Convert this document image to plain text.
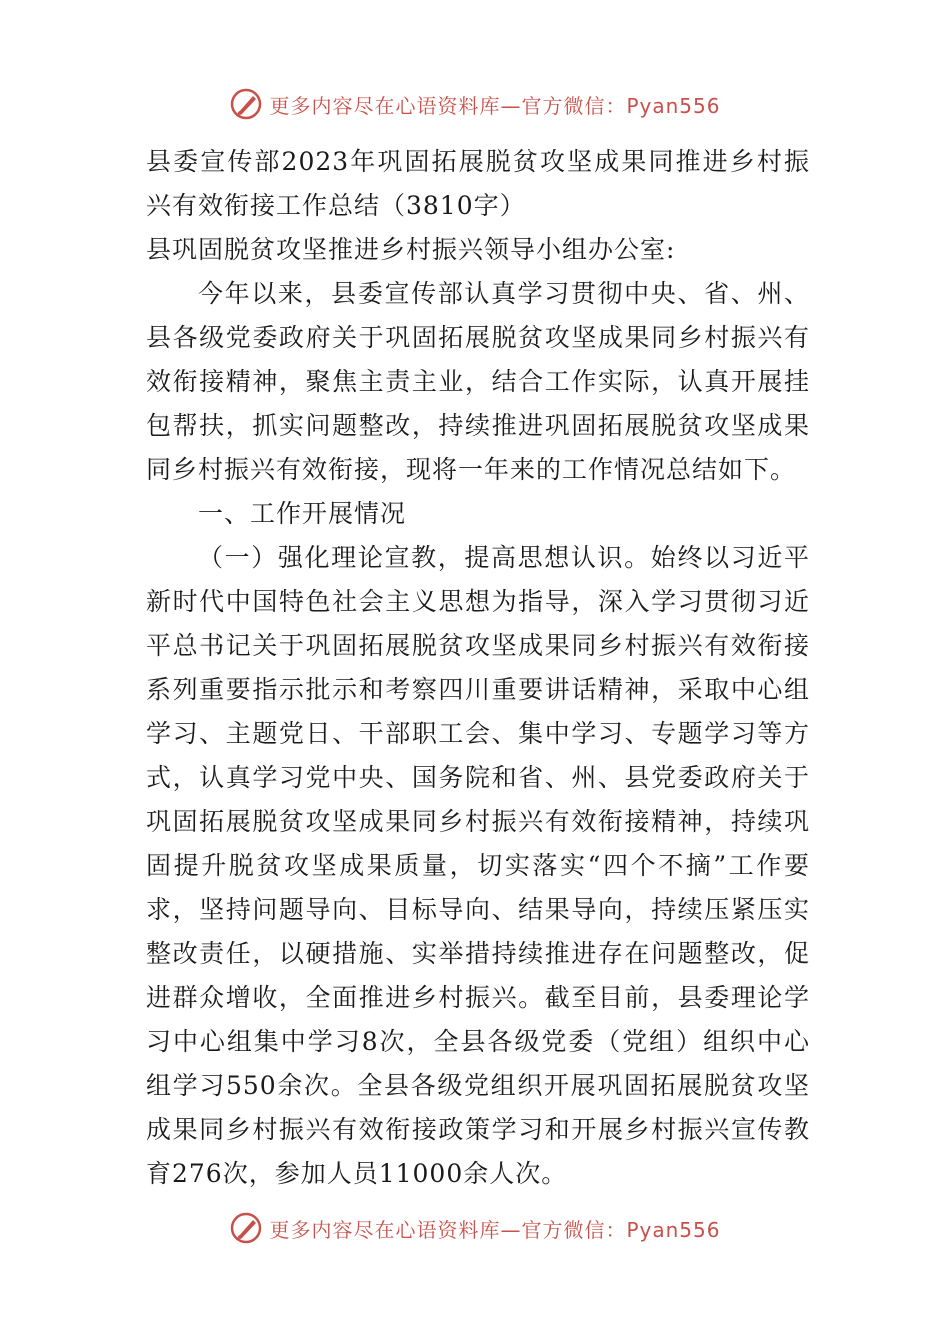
更多内容尽在心语资料库—官方微信：Pyan556

县委宣传部2023年巩固拓展脱贫攻坚成果同推进乡村振兴有效衔接工作总结（3810字）

县巩固脱贫攻坚推进乡村振兴领导小组办公室:

今年以来，县委宣传部认真学习贯彻中央、省、州、县各级党委政府关于巩固拓展脱贫攻坚成果同乡村振兴有效衔接精神，聚焦主责主业，结合工作实际，认真开展挂包帮扶，抓实问题整改，持续推进巩固拓展脱贫攻坚成果同乡村振兴有效衔接，现将一年来的工作情况总结如下。

一、工作开展情况

（一）强化理论宣教，提高思想认识。始终以习近平新时代中国特色社会主义思想为指导，深入学习贯彻习近平总书记关于巩固拓展脱贫攻坚成果同乡村振兴有效衔接系列重要指示批示和考察四川重要讲话精神，采取中心组学习、主题党日、干部职工会、集中学习、专题学习等方式，认真学习党中央、国务院和省、州、县党委政府关于巩固拓展脱贫攻坚成果同乡村振兴有效衔接精神，持续巩固提升脱贫攻坚成果质量，切实落实“四个不摘”工作要求，坚持问题导向、目标导向、结果导向，持续压紧压实整改责任，以硬措施、实举措持续推进存在问题整改，促进群众增收，全面推进乡村振兴。截至目前，县委理论学习中心组集中学习8次，全县各级党委（党组）组织中心组学习550余次。全县各级党组织开展巩固拓展脱贫攻坚成果同乡村振兴有效衔接政策学习和开展乡村振兴宣传教育276次，参加人员11000余人次。

更多内容尽在心语资料库—官方微信：Pyan556
